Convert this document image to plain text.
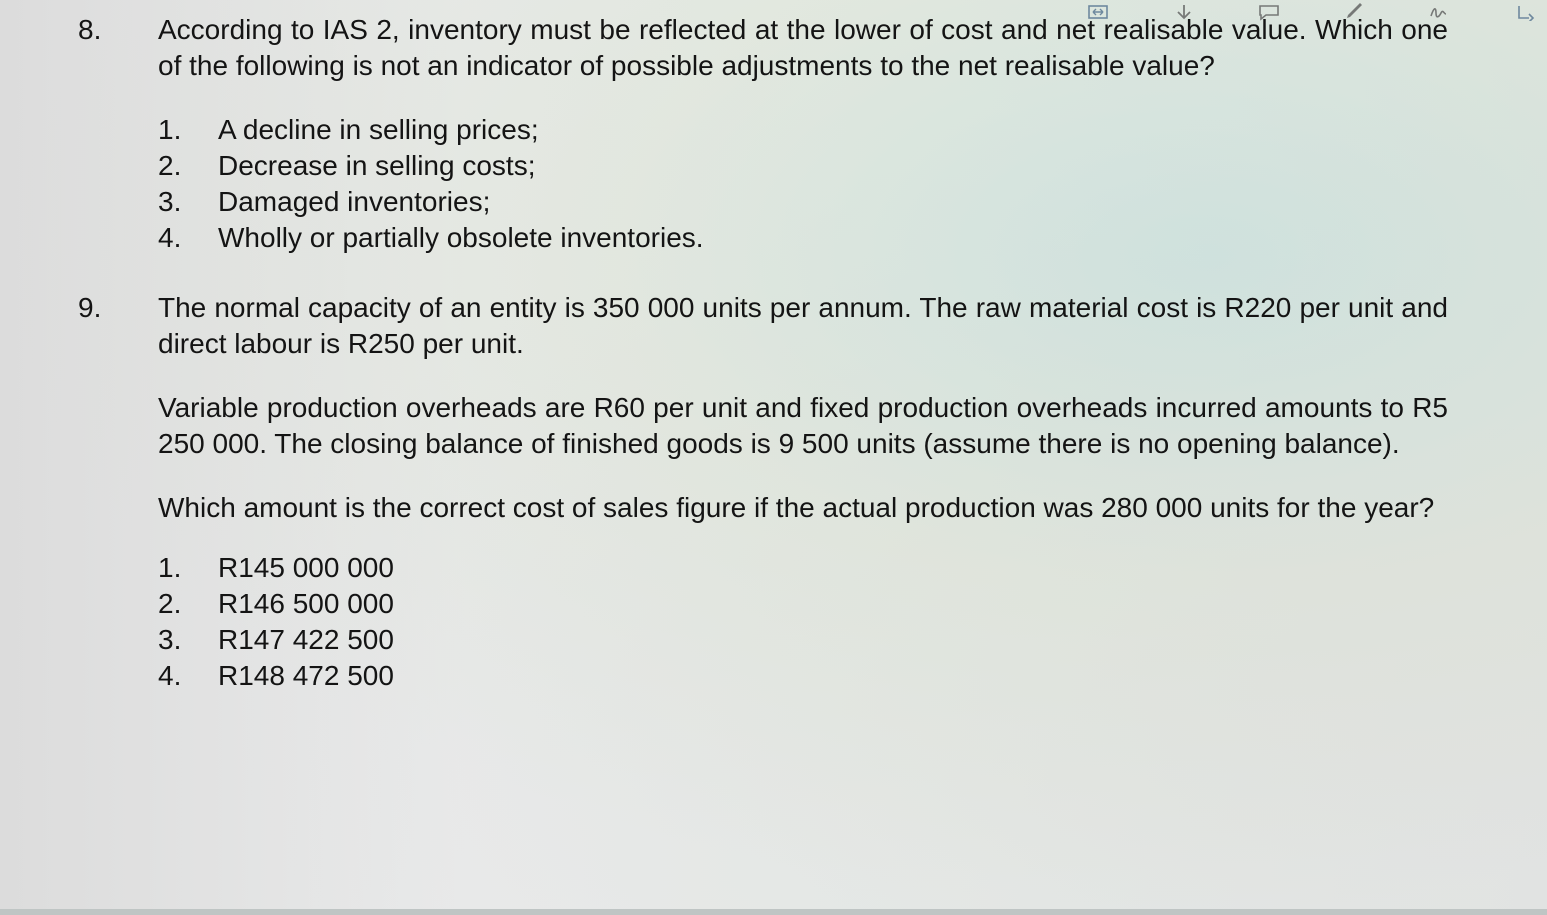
8. According to IAS 2, inventory must be reflected at the lower of cost and net realisable value. Which one of the following is not an indicator of possible adjustments to the net realisable value?

1.	A decline in selling prices;
2.	Decrease in selling costs;
3.	Damaged inventories;
4.	Wholly or partially obsolete inventories.
9. The normal capacity of an entity is 350 000 units per annum. The raw material cost is R220 per unit and direct labour is R250 per unit.

Variable production overheads are R60 per unit and fixed production overheads incurred amounts to R5 250 000. The closing balance of finished goods is 9 500 units (assume there is no opening balance).

Which amount is the correct cost of sales figure if the actual production was 280 000 units for the year?

1.	R145 000 000
2.	R146 500 000
3.	R147 422 500
4.	R148 472 500
